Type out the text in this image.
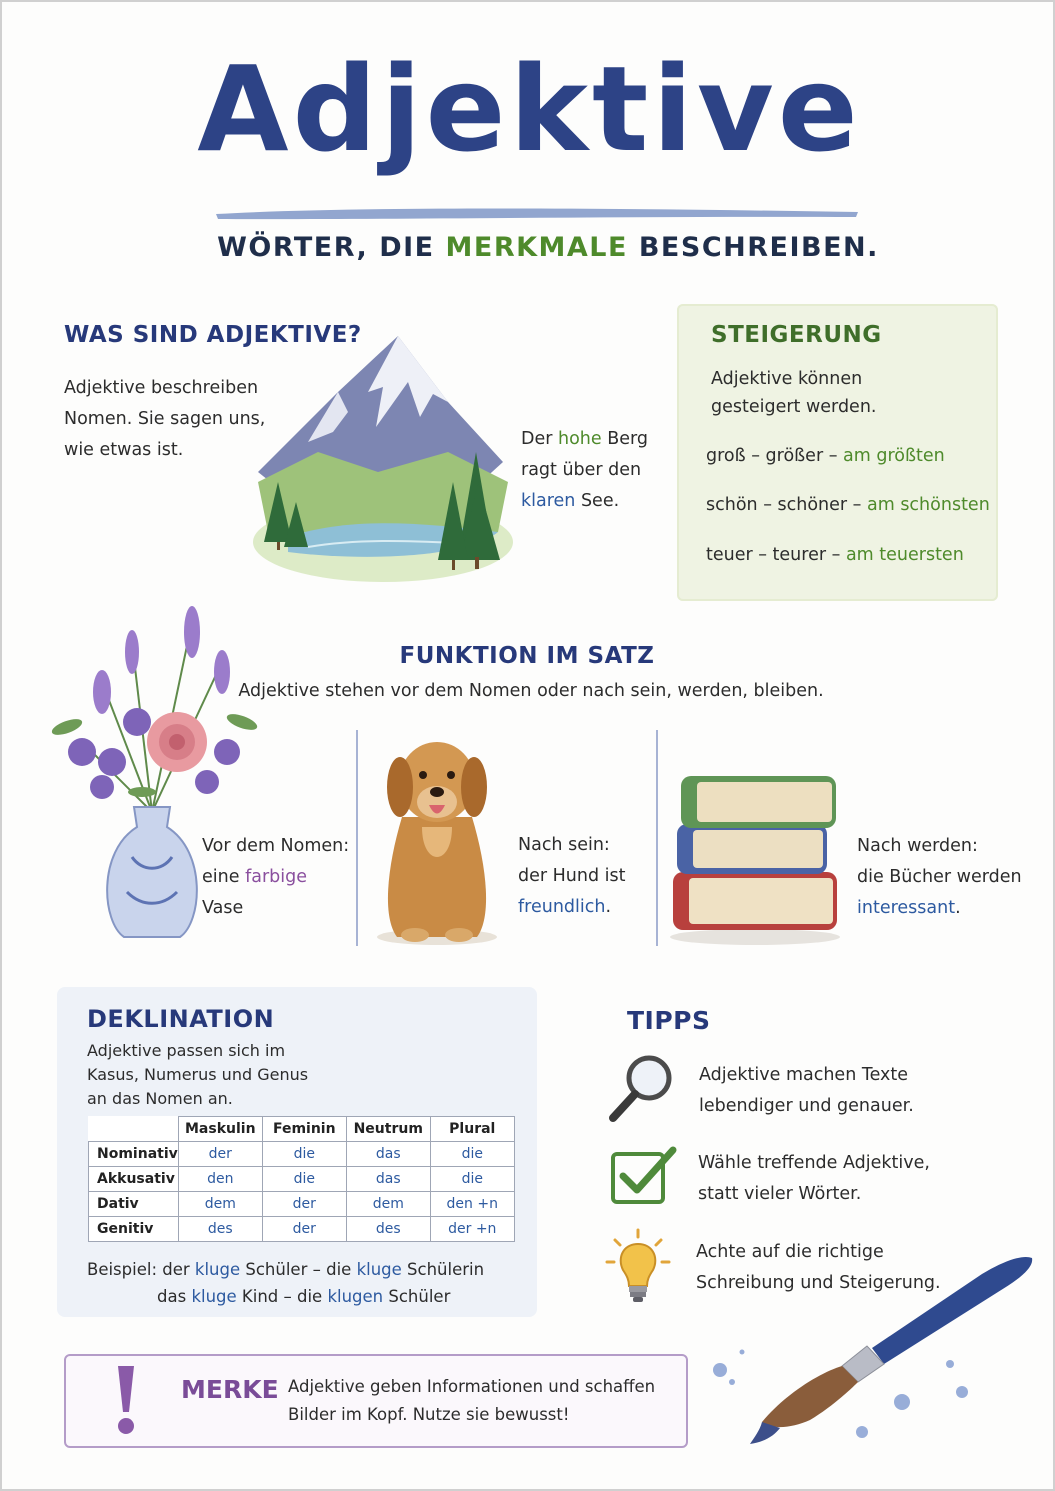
Adjektive
WÖRTER, DIE MERKMALE BESCHREIBEN.
WAS SIND ADJEKTIVE?
Adjektive beschreiben
Nomen. Sie sagen uns,
wie etwas ist.
Der hohe Berg
ragt über den
klaren See.
STEIGERUNG
Adjektive können
gesteigert werden.
groß – größer – am größten
schön – schöner – am schönsten
teuer – teurer – am teuersten
FUNKTION IM SATZ
Adjektive stehen vor dem Nomen oder nach sein, werden, bleiben.
Vor dem Nomen:
eine farbige Vase
Nach sein:
der Hund ist
freundlich.
Nach werden:
die Bücher werden
interessant.
DEKLINATION
Adjektive passen sich im
Kasus, Numerus und Genus
an das Nomen an.
	Maskulin	Feminin	Neutrum	Plural
Nominativ	der	die	das	die
Akkusativ	den	die	das	die
Dativ	dem	der	dem	den +n
Genitiv	des	der	des	der +n
Beispiel: der kluge Schüler – die kluge Schülerin
das kluge Kind – die klugen Schüler
TIPPS
Adjektive machen Texte
lebendiger und genauer.
Wähle treffende Adjektive,
statt vieler Wörter.
Achte auf die richtige
Schreibung und Steigerung.
MERKE Adjektive geben Informationen und schaffen
Bilder im Kopf. Nutze sie bewusst!
